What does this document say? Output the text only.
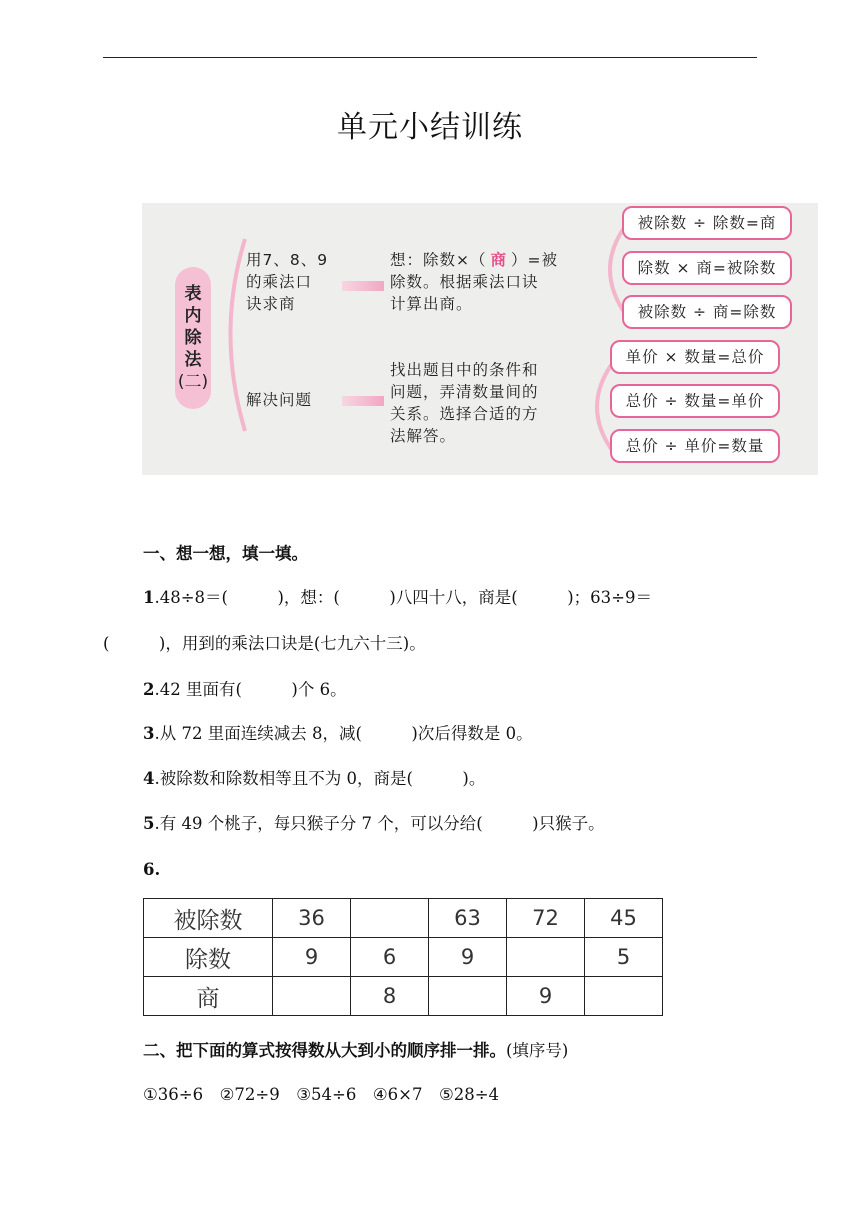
单元小结训练
表
内
除
法
(二)
用7、8、9
的乘法口
诀求商
想：除数×（ 商 ）=被
除数。根据乘法口诀
计算出商。
被除数 ÷ 除数=商
除数 × 商=被除数
被除数 ÷ 商=除数
解决问题
找出题目中的条件和
问题，弄清数量间的
关系。选择合适的方
法解答。
单价 × 数量=总价
总价 ÷ 数量=单价
总价 ÷ 单价=数量
一、想一想，填一填。
1.48÷8＝(　　　)，想：(　　　)八四十八，商是(　　　)；63÷9＝
(　　　)，用到的乘法口诀是(七九六十三)。
2.42 里面有(　　　)个 6。
3.从 72 里面连续减去 8，减(　　　)次后得数是 0。
4.被除数和除数相等且不为 0，商是(　　　)。
5.有 49 个桃子，每只猴子分 7 个，可以分给(　　　)只猴子。
6.
被除数	36		63	72	45
除数	9	6	9		5
商		8		9	
二、把下面的算式按得数从大到小的顺序排一排。(填序号)
①36÷6　②72÷9　③54÷6　④6×7　⑤28÷4
